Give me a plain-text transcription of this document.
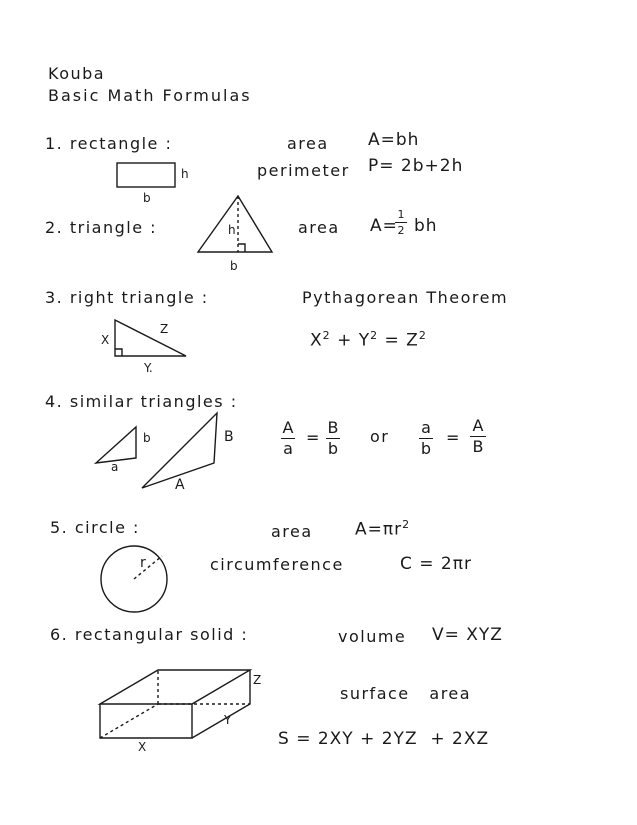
Kouba
Basic Math Formulas
1. rectangle :	area A=bh
perimeter P= 2b+2h
b
h
2. triangle :	area A=
1
2 bh
h
b
3. right triangle :	Pythagorean Theorem
$X^2 + Y^2 = Z^2$
X
Y.
Z
4. similar triangles :
a
b
A
B	A
a
=
B
b
or a
b
=
A
B
5. circle :	area $A=\pi r^2$
circumference	C = 2πr
r
6. rectangular solid :	volume V= XYZ
surface   area
S = 2XY + 2YZ  + 2XZ
X
Y
Z
